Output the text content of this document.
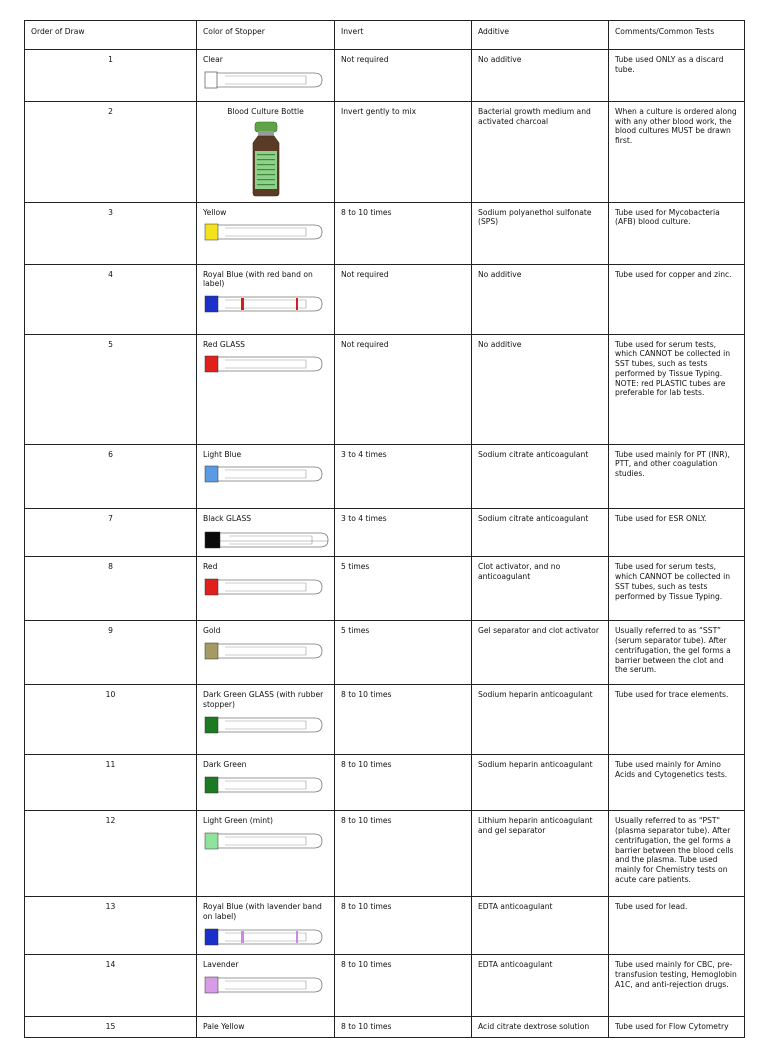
Order of Draw	Color of Stopper	Invert	Additive	Comments/Common Tests

1	Clear	Not required	No additive	Tube used ONLY as a discard tube.

2	Blood Culture Bottle	Invert gently to mix	Bacterial growth medium and activated charcoal	When a culture is ordered along with any other blood work, the blood cultures MUST be drawn first.

3	Yellow	8 to 10 times	Sodium polyanethol sulfonate (SPS)	Tube used for Mycobacteria (AFB) blood culture.

4	Royal Blue (with red band on label)	Not required	No additive	Tube used for copper and zinc.

5	Red GLASS	Not required	No additive	Tube used for serum tests, which CANNOT be collected in SST tubes, such as tests performed by Tissue Typing. NOTE: red PLASTIC tubes are preferable for lab tests.

6	Light Blue	3 to 4 times	Sodium citrate anticoagulant	Tube used mainly for PT (INR), PTT, and other coagulation studies.

7	Black GLASS	3 to 4 times	Sodium citrate anticoagulant	Tube used for ESR ONLY.

8	Red	5 times	Clot activator, and no anticoagulant	Tube used for serum tests, which CANNOT be collected in SST tubes, such as tests performed by Tissue Typing.

9	Gold	5 times	Gel separator and clot activator	Usually referred to as “SST” (serum separator tube). After centrifugation, the gel forms a barrier between the clot and the serum.

10	Dark Green GLASS (with rubber stopper)	8 to 10 times	Sodium heparin anticoagulant	Tube used for trace elements.

11	Dark Green	8 to 10 times	Sodium heparin anticoagulant	Tube used mainly for Amino Acids and Cytogenetics tests.

12	Light Green (mint)	8 to 10 times	Lithium heparin anticoagulant and gel separator	Usually referred to as "PST" (plasma separator tube). After centrifugation, the gel forms a barrier between the blood cells and the plasma. Tube used mainly for Chemistry tests on acute care patients.

13	Royal Blue (with lavender band on label)	8 to 10 times	EDTA anticoagulant	Tube used for lead.

14	Lavender	8 to 10 times	EDTA anticoagulant	Tube used mainly for CBC, pre-transfusion testing, Hemoglobin A1C, and anti-rejection drugs.

15	Pale Yellow	8 to 10 times	Acid citrate dextrose solution	Tube used for Flow Cytometry
